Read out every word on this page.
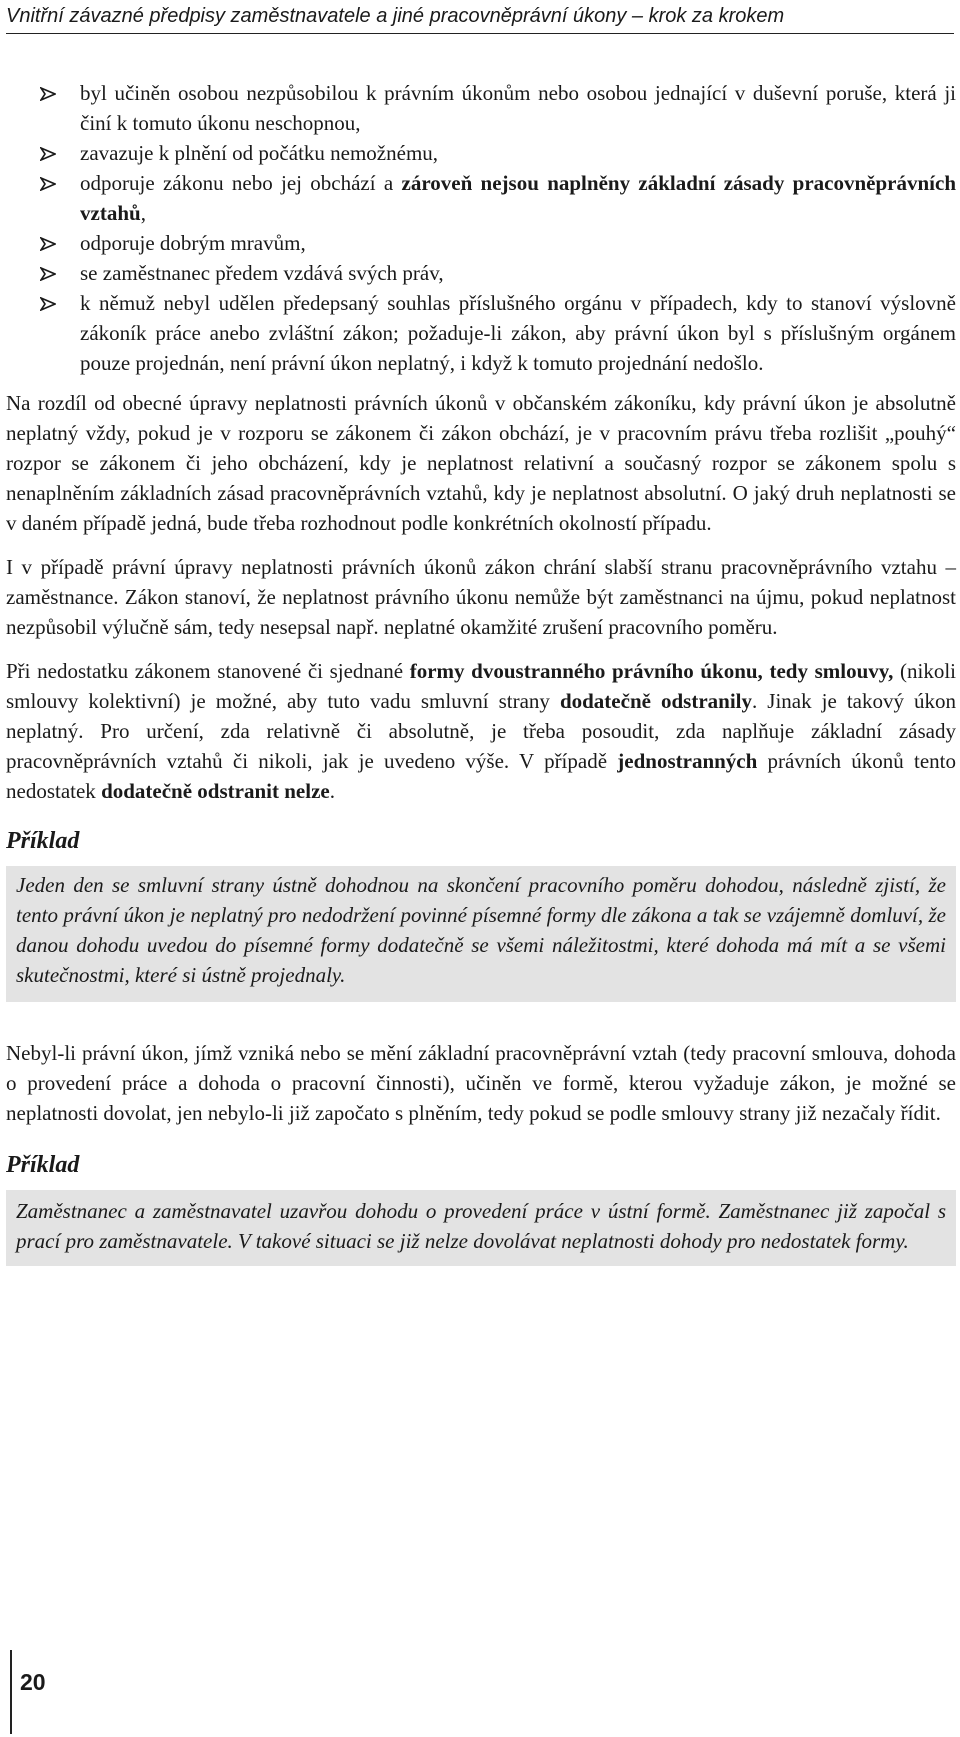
Vnitřní závazné předpisy zaměstnavatele a jiné pracovněprávní úkony – krok za krokem
byl učiněn osobou nezpůsobilou k právním úkonům nebo osobou jednající v duševní poruše, která ji činí k tomuto úkonu neschopnou,
zavazuje k plnění od počátku nemožnému,
odporuje zákonu nebo jej obchází a zároveň nejsou naplněny základní zásady pracovněprávních vztahů,
odporuje dobrým mravům,
se zaměstnanec předem vzdává svých práv,
k němuž nebyl udělen předepsaný souhlas příslušného orgánu v případech, kdy to stanoví výslovně zákoník práce anebo zvláštní zákon; požaduje-li zákon, aby právní úkon byl s příslušným orgánem pouze projednán, není právní úkon neplatný, i když k tomuto projednání nedošlo.

Na rozdíl od obecné úpravy neplatnosti právních úkonů v občanském zákoníku, kdy právní úkon je absolutně neplatný vždy, pokud je v rozporu se zákonem či zákon obchází, je v pracovním právu třeba rozlišit „pouhý“ rozpor se zákonem či jeho obcházení, kdy je neplatnost relativní a současný rozpor se zákonem spolu s nenaplněním základních zásad pracovněprávních vztahů, kdy je neplatnost absolutní. O jaký druh neplatnosti se v daném případě jedná, bude třeba rozhodnout podle konkrétních okolností případu.

I v případě právní úpravy neplatnosti právních úkonů zákon chrání slabší stranu pracovněprávního vztahu – zaměstnance. Zákon stanoví, že neplatnost právního úkonu nemůže být zaměstnanci na újmu, pokud neplatnost nezpůsobil výlučně sám, tedy nesepsal např. neplatné okamžité zrušení pracovního poměru.

Při nedostatku zákonem stanovené či sjednané formy dvoustranného právního úkonu, tedy smlouvy, (nikoli smlouvy kolektivní) je možné, aby tuto vadu smluvní strany dodatečně odstranily. Jinak je takový úkon neplatný. Pro určení, zda relativně či absolutně, je třeba posoudit, zda naplňuje základní zásady pracovněprávních vztahů či nikoli, jak je uvedeno výše. V případě jednostranných právních úkonů tento nedostatek dodatečně odstranit nelze.

Příklad
Jeden den se smluvní strany ústně dohodnou na skončení pracovního poměru dohodou, následně zjistí, že tento právní úkon je neplatný pro nedodržení povinné písemné formy dle zákona a tak se vzájemně domluví, že danou dohodu uvedou do písemné formy dodatečně se všemi náležitostmi, které dohoda má mít a se všemi skutečnostmi, které si ústně projednaly.

Nebyl-li právní úkon, jímž vzniká nebo se mění základní pracovněprávní vztah (tedy pracovní smlouva, dohoda o provedení práce a dohoda o pracovní činnosti), učiněn ve formě, kterou vyžaduje zákon, je možné se neplatnosti dovolat, jen nebylo-li již započato s plněním, tedy pokud se podle smlouvy strany již nezačaly řídit.

Příklad
Zaměstnanec a zaměstnavatel uzavřou dohodu o provedení práce v ústní formě. Zaměstnanec již započal s prací pro zaměstnavatele. V takové situaci se již nelze dovolávat neplatnosti dohody pro nedostatek formy.
20
